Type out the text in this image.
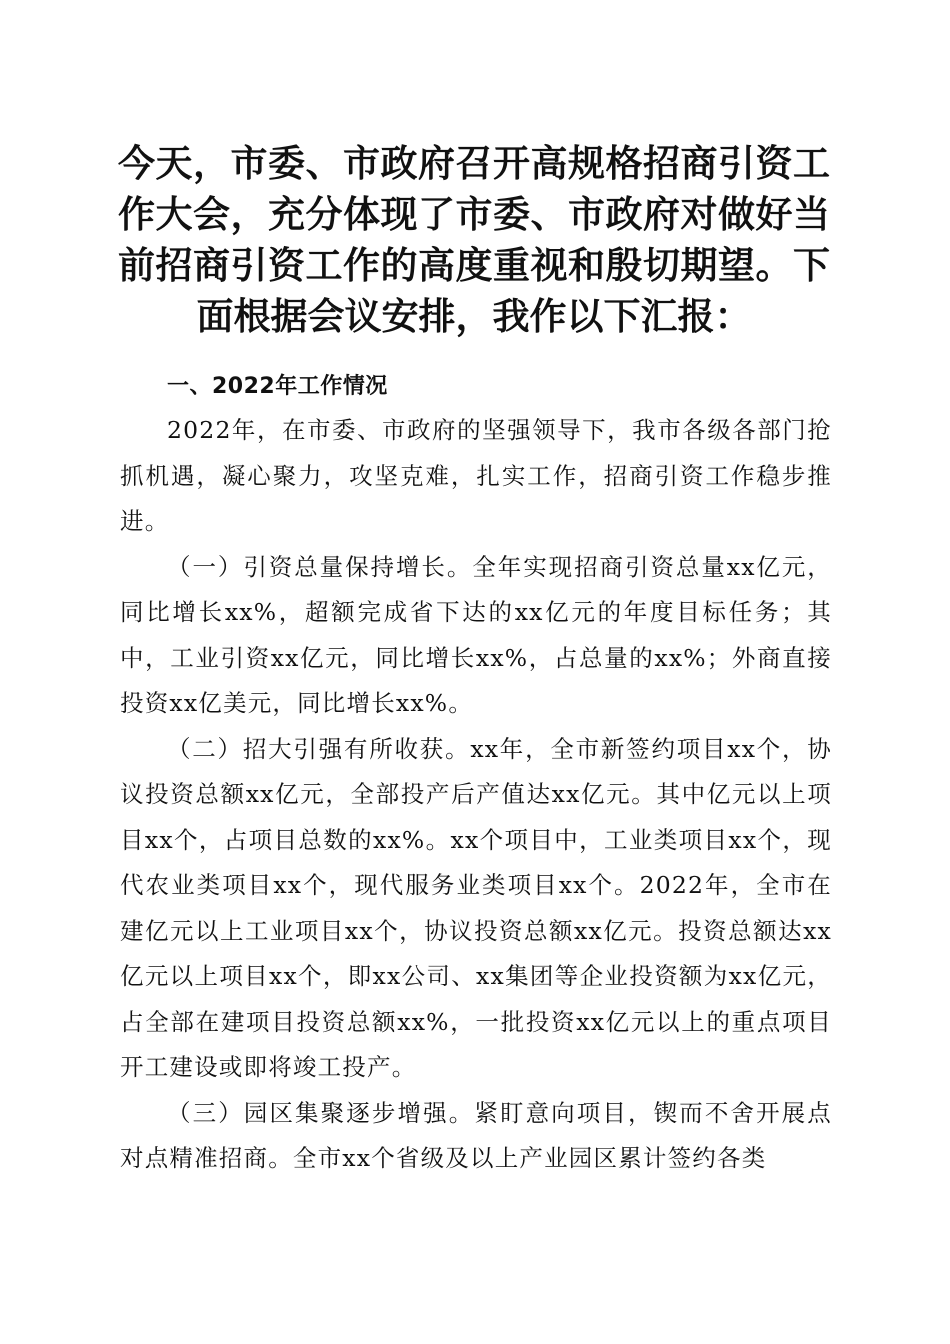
今天，市委、市政府召开高规格招商引资工作大会，充分体现了市委、市政府对做好当前招商引资工作的高度重视和殷切期望。下面根据会议安排，我作以下汇报：
一、2022年工作情况

2022年，在市委、市政府的坚强领导下，我市各级各部门抢抓机遇，凝心聚力，攻坚克难，扎实工作，招商引资工作稳步推进。

（一）引资总量保持增长。全年实现招商引资总量xx亿元，同比增长xx%，超额完成省下达的xx亿元的年度目标任务；其中，工业引资xx亿元，同比增长xx%，占总量的xx%；外商直接投资xx亿美元，同比增长xx%。

（二）招大引强有所收获。xx年，全市新签约项目xx个，协议投资总额xx亿元，全部投产后产值达xx亿元。其中亿元以上项目xx个，占项目总数的xx%。xx个项目中，工业类项目xx个，现代农业类项目xx个，现代服务业类项目xx个。2022年，全市在建亿元以上工业项目xx个，协议投资总额xx亿元。投资总额达xx亿元以上项目xx个，即xx公司、xx集团等企业投资额为xx亿元，占全部在建项目投资总额xx%，一批投资xx亿元以上的重点项目开工建设或即将竣工投产。

（三）园区集聚逐步增强。紧盯意向项目，锲而不舍开展点对点精准招商。全市xx个省级及以上产业园区累计签约各类
